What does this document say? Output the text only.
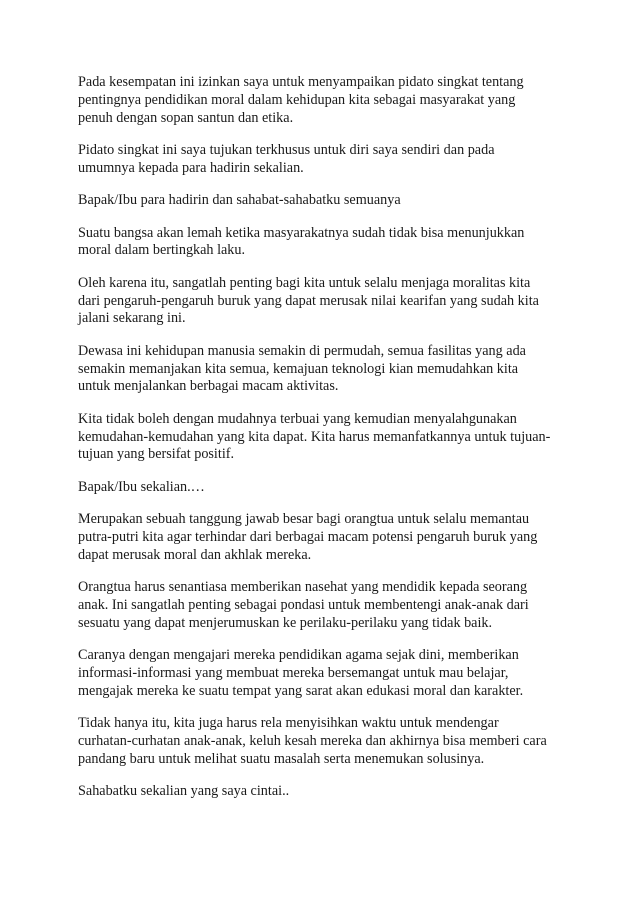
Pada kesempatan ini izinkan saya untuk menyampaikan pidato singkat tentang
pentingnya pendidikan moral dalam kehidupan kita sebagai masyarakat yang
penuh dengan sopan santun dan etika.

Pidato singkat ini saya tujukan terkhusus untuk diri saya sendiri dan pada
umumnya kepada para hadirin sekalian.

Bapak/Ibu para hadirin dan sahabat-sahabatku semuanya

Suatu bangsa akan lemah ketika masyarakatnya sudah tidak bisa menunjukkan
moral dalam bertingkah laku.

Oleh karena itu, sangatlah penting bagi kita untuk selalu menjaga moralitas kita
dari pengaruh-pengaruh buruk yang dapat merusak nilai kearifan yang sudah kita
jalani sekarang ini.

Dewasa ini kehidupan manusia semakin di permudah, semua fasilitas yang ada
semakin memanjakan kita semua, kemajuan teknologi kian memudahkan kita
untuk menjalankan berbagai macam aktivitas.

Kita tidak boleh dengan mudahnya terbuai yang kemudian menyalahgunakan
kemudahan-kemudahan yang kita dapat. Kita harus memanfatkannya untuk tujuan-
tujuan yang bersifat positif.

Bapak/Ibu sekalian.…

Merupakan sebuah tanggung jawab besar bagi orangtua untuk selalu memantau
putra-putri kita agar terhindar dari berbagai macam potensi pengaruh buruk yang
dapat merusak moral dan akhlak mereka.

Orangtua harus senantiasa memberikan nasehat yang mendidik kepada seorang
anak. Ini sangatlah penting sebagai pondasi untuk membentengi anak-anak dari
sesuatu yang dapat menjerumuskan ke perilaku-perilaku yang tidak baik.

Caranya dengan mengajari mereka pendidikan agama sejak dini, memberikan
informasi-informasi yang membuat mereka bersemangat untuk mau belajar,
mengajak mereka ke suatu tempat yang sarat akan edukasi moral dan karakter.

Tidak hanya itu, kita juga harus rela menyisihkan waktu untuk mendengar
curhatan-curhatan anak-anak, keluh kesah mereka dan akhirnya bisa memberi cara
pandang baru untuk melihat suatu masalah serta menemukan solusinya.

Sahabatku sekalian yang saya cintai..
